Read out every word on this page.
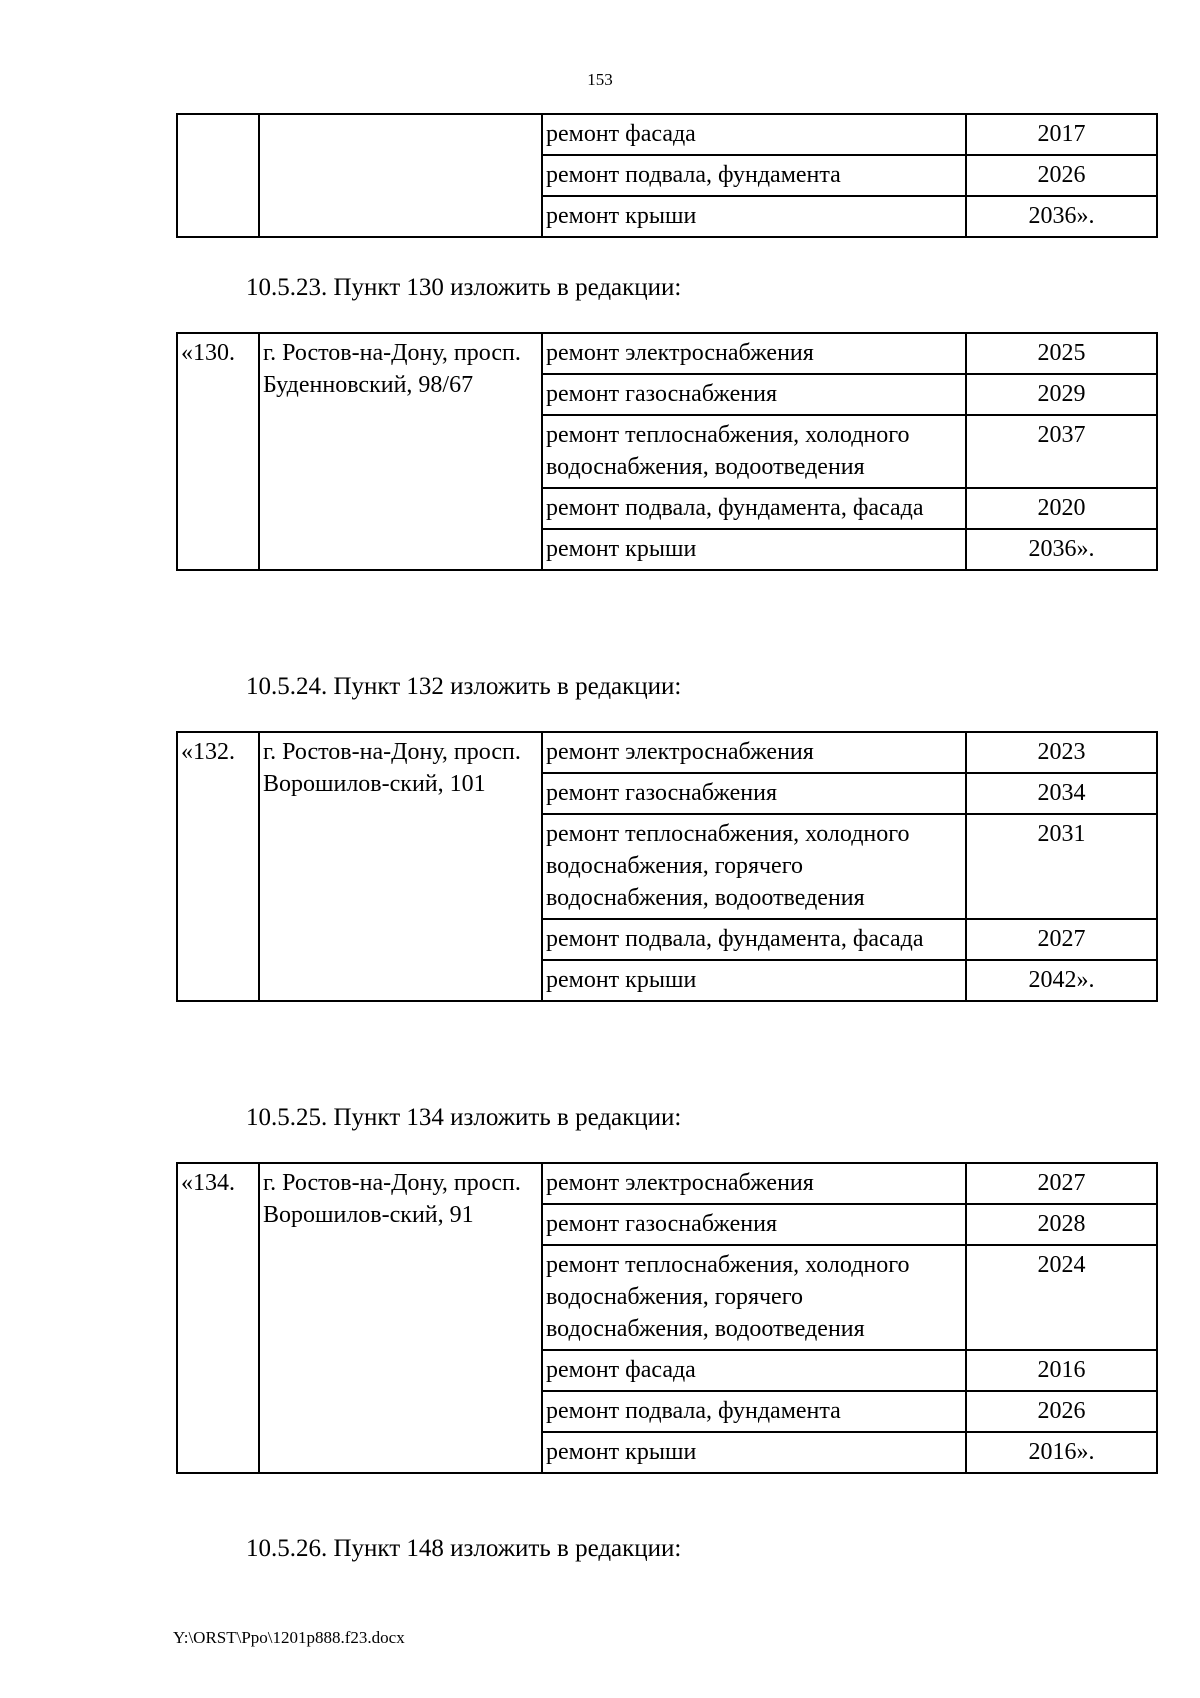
153
		ремонт фасада	2017
		ремонт подвала, фундамента	2026
		ремонт крыши	2036».
10.5.23. Пункт 130 изложить в редакции:
«130.	г. Ростов-на-Дону, просп. Буденновский, 98/67	ремонт электроснабжения	2025
		ремонт газоснабжения	2029
		ремонт теплоснабжения, холодного водоснабжения, водоотведения	2037
		ремонт подвала, фундамента, фасада	2020
		ремонт крыши	2036».
10.5.24. Пункт 132 изложить в редакции:
«132.	г. Ростов-на-Дону, просп. Ворошилов-ский, 101	ремонт электроснабжения	2023
		ремонт газоснабжения	2034
		ремонт теплоснабжения, холодного водоснабжения, горячего водоснабжения, водоотведения	2031
		ремонт подвала, фундамента, фасада	2027
		ремонт крыши	2042».
10.5.25. Пункт 134 изложить в редакции:
«134.	г. Ростов-на-Дону, просп. Ворошилов-ский, 91	ремонт электроснабжения	2027
		ремонт газоснабжения	2028
		ремонт теплоснабжения, холодного водоснабжения, горячего водоснабжения, водоотведения	2024
		ремонт фасада	2016
		ремонт подвала, фундамента	2026
		ремонт крыши	2016».
10.5.26. Пункт 148 изложить в редакции:
Y:\ORST\Ppo\1201p888.f23.docx
